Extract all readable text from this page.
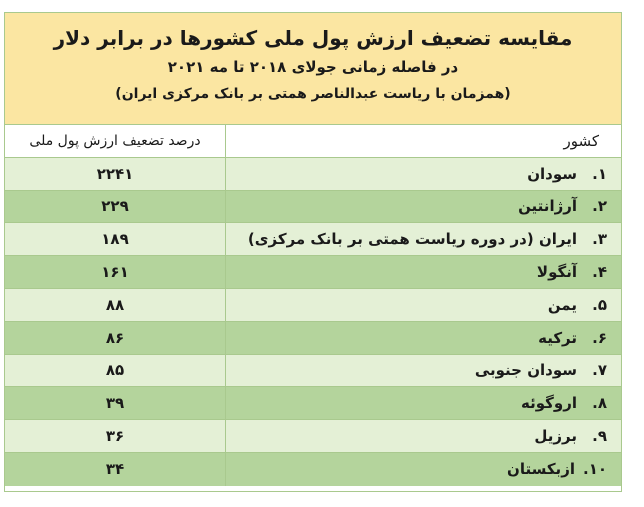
مقایسه تضعیف ارزش پول ملی کشورها در برابر دلار
در فاصله زمانی جولای ۲۰۱۸ تا مه ۲۰۲۱
(همزمان با ریاست عبدالناصر همتی بر بانک مرکزی ایران)
کشور
درصد تضعیف ارزش پول ملی
۱.
سودان
۲۲۴۱
۲.
آرژانتین
۲۲۹
۳.
ایران (در دوره ریاست همتی بر بانک مرکزی)
۱۸۹
۴.
آنگولا
۱۶۱
۵.
یمن
۸۸
۶.
ترکیه
۸۶
۷.
سودان جنوبی
۸۵
۸.
اروگوئه
۳۹
۹.
برزیل
۳۶
۱۰.
ازبکستان
۳۴
